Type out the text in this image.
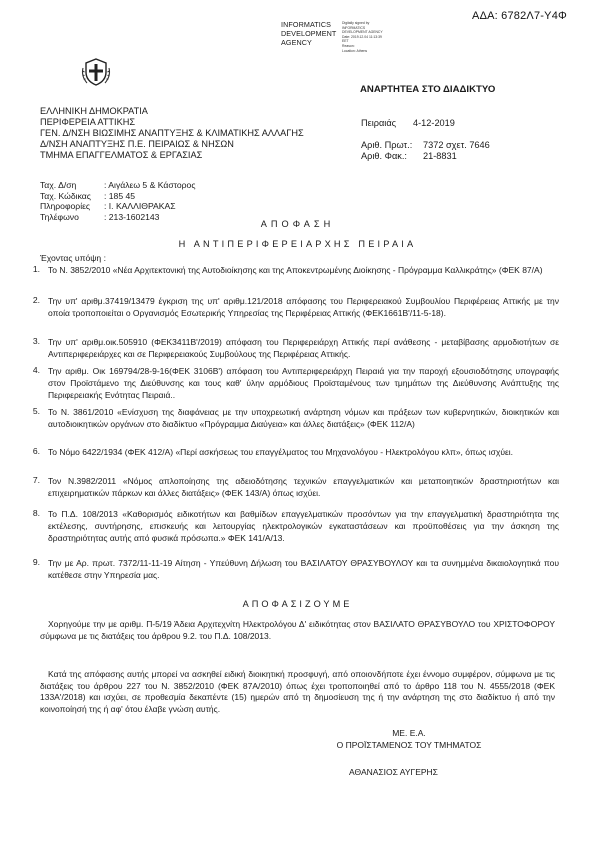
ΑΔΑ: 6782Λ7-Υ4Φ
INFORMATICS
DEVELOPMENT
AGENCY
Digitally signed by
INFORMATICS
DEVELOPMENT AGENCY
Date: 2019.12.04 11:13:39
EET
Reason:
Location: Athens
ΑΝΑΡΤΗΤΕΑ ΣΤΟ ΔΙΑΔΙΚΤΥΟ
ΕΛΛΗΝΙΚΗ ΔΗΜΟΚΡΑΤΙΑ
ΠΕΡΙΦΕΡΕΙΑ ΑΤΤΙΚΗΣ
ΓΕΝ. Δ/ΝΣΗ ΒΙΩΣΙΜΗΣ ΑΝΑΠΤΥΞΗΣ & ΚΛΙΜΑΤΙΚΗΣ ΑΛΛΑΓΗΣ
Δ/ΝΣΗ ΑΝΑΠΤΥΞΗΣ Π.Ε. ΠΕΙΡΑΙΩΣ & ΝΗΣΩΝ
ΤΜΗΜΑ ΕΠΑΓΓΕΛΜΑΤΟΣ & ΕΡΓΑΣΙΑΣ
Πειραιάς 4-12-2019
Αριθ. Πρωτ.: 7372 σχετ. 7646
Αριθ. Φακ.: 21-8831
Ταχ. Δ/ση	: Αιγάλεω 5 & Κάστορος
Ταχ. Κώδικας	: 185 45
Πληροφορίες	: Ι. ΚΑΛΛΙΘΡΑΚΑΣ
Τηλέφωνο	: 213-1602143
ΑΠΟΦΑΣΗ
Η ΑΝΤΙΠΕΡΙΦΕΡΕΙΑΡΧΗΣ ΠΕΙΡΑΙΑ
Έχοντας υπόψη :
1. Το Ν. 3852/2010 «Νέα Αρχιτεκτονική της Αυτοδιοίκησης και της Αποκεντρωμένης Διοίκησης - Πρόγραμμα Καλλικράτης» (ΦΕΚ 87/Α)
2. Την υπ' αριθμ.37419/13479 έγκριση της υπ' αριθμ.121/2018 απόφασης του Περιφερειακού Συμβουλίου Περιφέρειας Αττικής με την οποία τροποποιείται ο Οργανισμός Εσωτερικής Υπηρεσίας της Περιφέρειας Αττικής (ΦΕΚ1661Β'/11-5-18).
3. Την υπ' αριθμ.οικ.505910 (ΦΕΚ3411Β'/2019) απόφαση του Περιφερειάρχη Αττικής περί ανάθεσης - μεταβίβασης αρμοδιοτήτων σε Αντιπεριφερειάρχες και σε Περιφερειακούς Συμβούλους της Περιφέρειας Αττικής.
4. Την αριθμ. Οικ 169794/28-9-16(ΦΕΚ 3106Β') απόφαση του Αντιπεριφερειάρχη Πειραιά για την παροχή εξουσιοδότησης υπογραφής στον Προϊστάμενο της Διεύθυνσης και τους καθ' ύλην αρμόδιους Προϊσταμένους των τμημάτων της Διεύθυνσης Ανάπτυξης της Περιφερειακής Ενότητας Πειραιά..
5. Το Ν. 3861/2010 «Ενίσχυση της διαφάνειας με την υποχρεωτική ανάρτηση νόμων και πράξεων των κυβερνητικών, διοικητικών και αυτοδιοικητικών οργάνων στο διαδίκτυο «Πρόγραμμα Διαύγεια» και άλλες διατάξεις» (ΦΕΚ 112/Α)
6. Το Νόμο 6422/1934 (ΦΕΚ 412/Α) «Περί ασκήσεως του επαγγέλματος του Μηχανολόγου - Ηλεκτρολόγου κλπ», όπως ισχύει.
7. Τον Ν.3982/2011 «Νόμος απλοποίησης της αδειοδότησης τεχνικών επαγγελματικών και μεταποιητικών δραστηριοτήτων και επιχειρηματικών πάρκων και άλλες διατάξεις» (ΦΕΚ 143/Α) όπως ισχύει.
8. Το Π.Δ. 108/2013 «Καθορισμός ειδικοτήτων και βαθμίδων επαγγελματικών προσόντων για την επαγγελματική δραστηριότητα της εκτέλεσης, συντήρησης, επισκευής και λειτουργίας ηλεκτρολογικών εγκαταστάσεων και προϋποθέσεις για την άσκηση της δραστηριότητας αυτής από φυσικά πρόσωπα.» ΦΕΚ 141/Α/13.
9. Την με Αρ. πρωτ. 7372/11-11-19 Αίτηση - Υπεύθυνη Δήλωση του ΒΑΣΙΛΑΤΟΥ ΘΡΑΣΥΒΟΥΛΟΥ και τα συνημμένα δικαιολογητικά που κατέθεσε στην Υπηρεσία μας.
ΑΠΟΦΑΣΙΖΟΥΜΕ
Χορηγούμε την με αριθμ. Π-5/19 Άδεια Αρχιτεχνίτη Ηλεκτρολόγου Δ' ειδικότητας στον ΒΑΣΙΛΑΤΟ ΘΡΑΣΥΒΟΥΛΟ του ΧΡΙΣΤΟΦΟΡΟΥ σύμφωνα με τις διατάξεις του άρθρου 9.2. του Π.Δ. 108/2013.
Κατά της απόφασης αυτής μπορεί να ασκηθεί ειδική διοικητική προσφυγή, από οποιονδήποτε έχει έννομο συμφέρον, σύμφωνα με τις διατάξεις του άρθρου 227 του Ν. 3852/2010 (ΦΕΚ 87Α/2010) όπως έχει τροποποιηθεί από το άρθρο 118 του Ν. 4555/2018 (ΦΕΚ 133Α'/2018) και ισχύει, σε προθεσμία δεκαπέντε (15) ημερών από τη δημοσίευση της ή την ανάρτηση της στο διαδίκτυο ή από την κοινοποίησή της ή αφ' ότου έλαβε γνώση αυτής.
ΜΕ. Ε.Α.
Ο ΠΡΟΪΣΤΑΜΕΝΟΣ ΤΟΥ ΤΜΗΜΑΤΟΣ
ΑΘΑΝΑΣΙΟΣ ΑΥΓΕΡΗΣ
